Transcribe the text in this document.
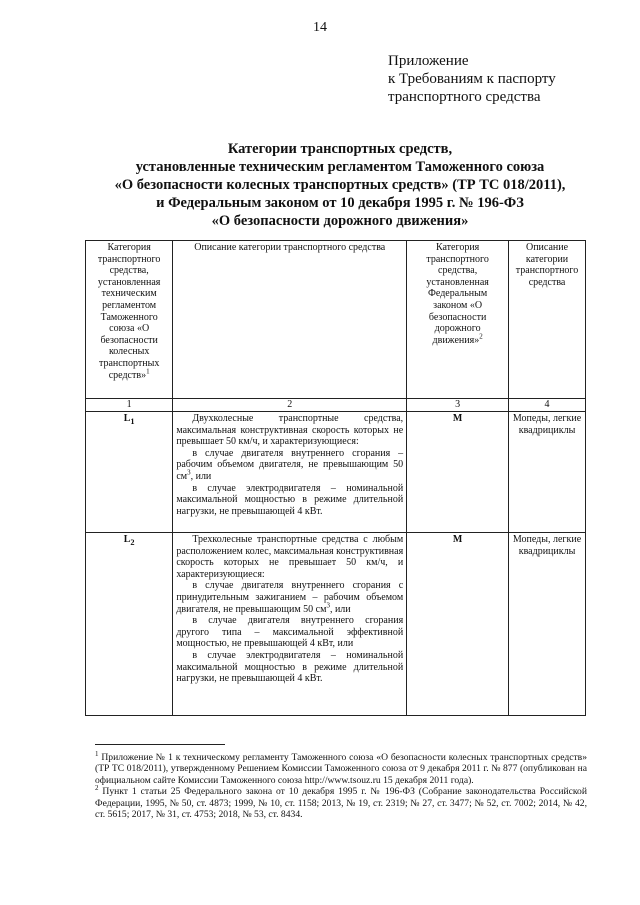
14
Приложение
к Требованиям к паспорту
транспортного средства
Категории транспортных средств,
установленные техническим регламентом Таможенного союза
«О безопасности колесных транспортных средств» (ТР ТС 018/2011),
и Федеральным законом от 10 декабря 1995 г. № 196-ФЗ
«О безопасности дорожного движения»
Категория транспортного средства, установленная техническим регламентом Таможенного союза «О безопасности колесных транспортных средств»$^1$	Описание категории транспортного средства	Категория транспортного средства, установленная Федеральным законом «О безопасности дорожного движения»$^2$	Описание категории транспортного средства
1	2	3	4
$L_1$	Двухколесные транспортные средства, максимальная конструктивная скорость которых не превышает 50 км/ч, и характеризующиеся:

в случае двигателя внутреннего сгорания – рабочим объемом двигателя, не превышающим 50 $см^3$, или

в случае электродвигателя – номинальной максимальной мощностью в режиме длительной нагрузки, не превышающей 4 кВт.	М	Мопеды, легкие квадрициклы
$L_2$	Трехколесные транспортные средства с любым расположением колес, максимальная конструктивная скорость которых не превышает 50 км/ч, и характеризующиеся:

в случае двигателя внутреннего сгорания с принудительным зажиганием – рабочим объемом двигателя, не превышающим 50 $см^3$, или

в случае двигателя внутреннего сгорания другого типа – максимальной эффективной мощностью, не превышающей 4 кВт, или

в случае электродвигателя – номинальной максимальной мощностью в режиме длительной нагрузки, не превышающей 4 кВт.	М	Мопеды, легкие квадрициклы

$^1$ Приложение № 1 к техническому регламенту Таможенного союза «О безопасности колесных транспортных средств» (ТР ТС 018/2011), утвержденному Решением Комиссии Таможенного союза от 9 декабря 2011 г. № 877 (опубликован на официальном сайте Комиссии Таможенного союза http://www.tsouz.ru 15 декабря 2011 года).

$^2$ Пункт 1 статьи 25 Федерального закона от 10 декабря 1995 г. № 196-ФЗ (Собрание законодательства Российской Федерации, 1995, № 50, ст. 4873; 1999, № 10, ст. 1158; 2013, № 19, ст. 2319; № 27, ст. 3477; № 52, ст. 7002; 2014, № 42, ст. 5615; 2017, № 31, ст. 4753; 2018, № 53, ст. 8434.
